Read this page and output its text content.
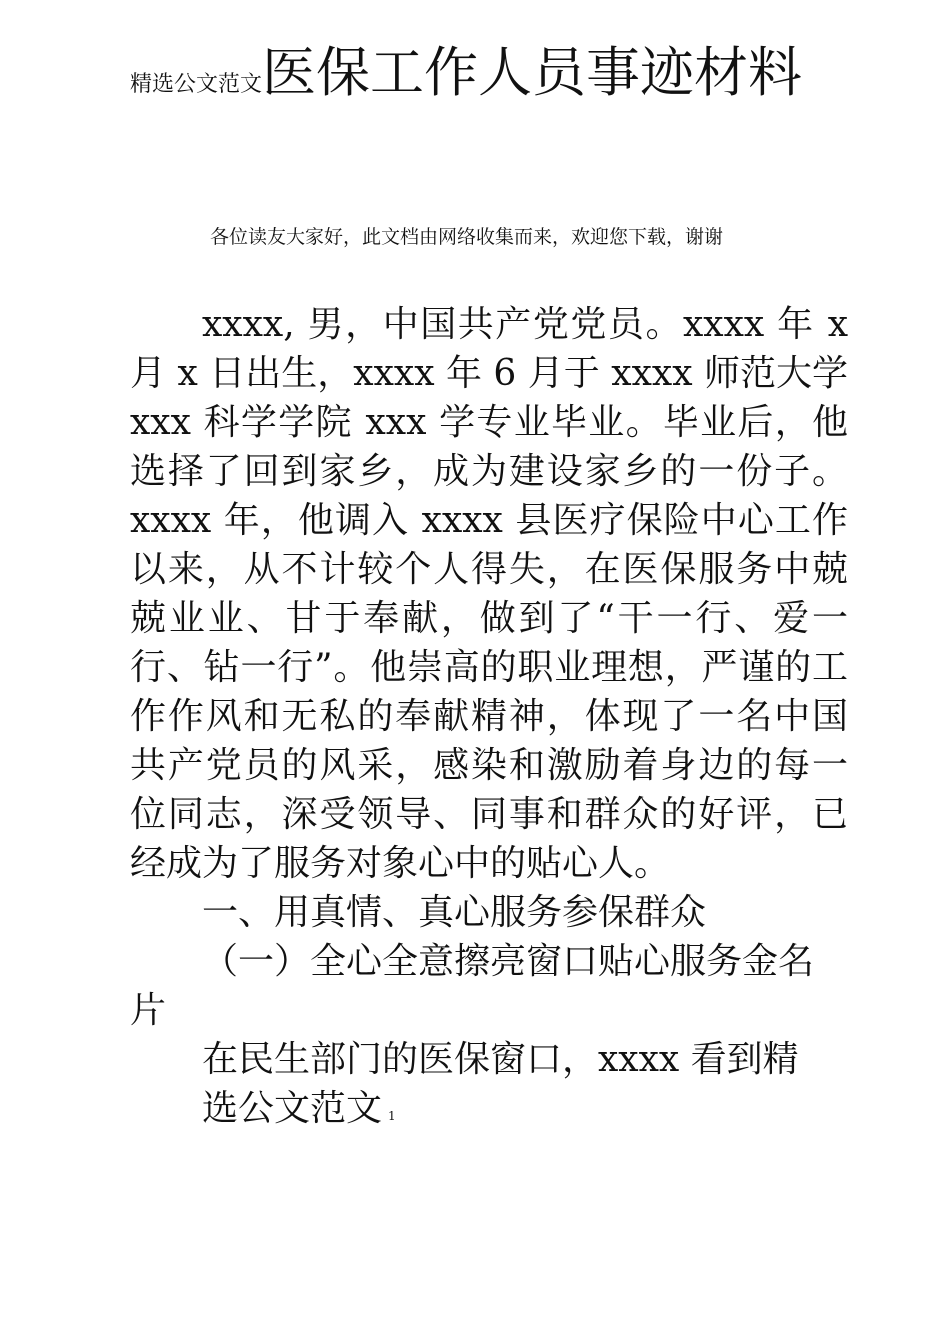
精选公文范文医保工作人员事迹材料
各位读友大家好，此文档由网络收集而来，欢迎您下载，谢谢

xxxx, 男，中国共产党党员。xxxx 年 x 月 x 日出生，xxxx 年 6 月于 xxxx 师范大学 xxx 科学学院 xxx 学专业毕业。毕业后，他选择了回到家乡，成为建设家乡的一份子。xxxx 年，他调入 xxxx 县医疗保险中心工作以来，从不计较个人得失，在医保服务中兢兢业业、甘于奉献，做到了“干一行、爱一行、钻一行”。他崇高的职业理想，严谨的工作作风和无私的奉献精神，体现了一名中国共产党员的风采，感染和激励着身边的每一位同志，深受领导、同事和群众的好评，已经成为了服务对象心中的贴心人。

一、用真情、真心服务参保群众

（一）全心全意擦亮窗口贴心服务金名片

在民生部门的医保窗口，xxxx 看到精

选公文范文 1
